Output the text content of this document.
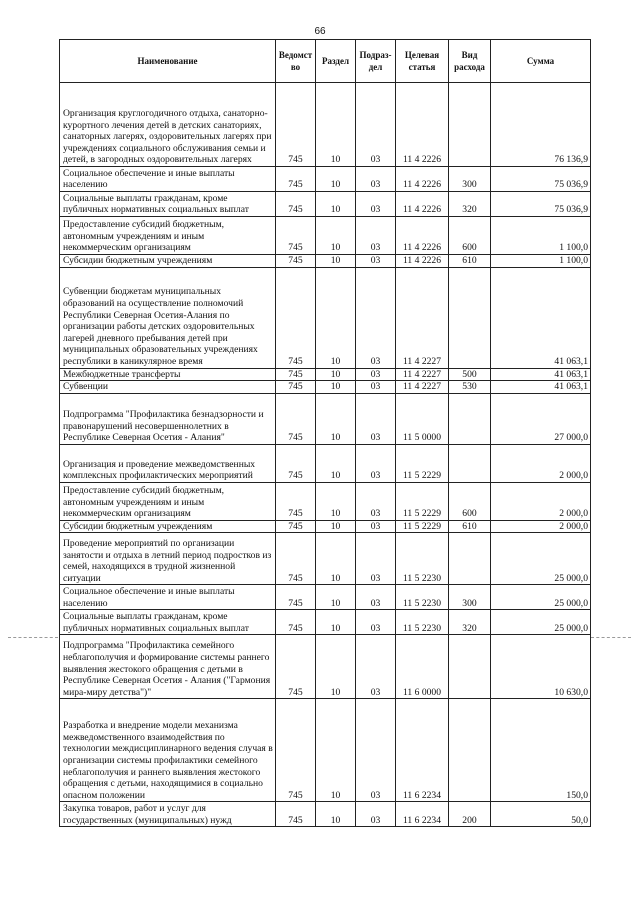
66
Наименование	Ведомст во	Раздел	Подраз- дел	Целевая статья	Вид расхода	Сумма
Организация круглогодичного отдыха, санаторно-курортного лечения детей в детских санаториях, санаторных лагерях, оздоровительных лагерях при учреждениях социального обслуживания семьи и детей, в загородных оздоровительных лагерях	745	10	03	11 4 2226		76 136,9
Социальное обеспечение и иные выплаты населению	745	10	03	11 4 2226	300	75 036,9
Социальные выплаты гражданам, кроме публичных нормативных социальных выплат	745	10	03	11 4 2226	320	75 036,9
Предоставление субсидий бюджетным, автономным учреждениям и иным некоммерческим организациям	745	10	03	11 4 2226	600	1 100,0
Субсидии бюджетным учреждениям	745	10	03	11 4 2226	610	1 100,0
Субвенции бюджетам муниципальных образований на осуществление полномочий Республики Северная Осетия-Алания по организации работы детских оздоровительных лагерей дневного пребывания детей при муниципальных образовательных учреждениях республики в каникулярное время	745	10	03	11 4 2227		41 063,1
Межбюджетные трансферты	745	10	03	11 4 2227	500	41 063,1
Субвенции	745	10	03	11 4 2227	530	41 063,1
Подпрограмма "Профилактика безнадзорности и правонарушений несовершеннолетних в Республике Северная Осетия - Алания"	745	10	03	11 5 0000		27 000,0
Организация и проведение межведомственных комплексных профилактических мероприятий	745	10	03	11 5 2229		2 000,0
Предоставление субсидий бюджетным, автономным учреждениям и иным некоммерческим организациям	745	10	03	11 5 2229	600	2 000,0
Субсидии бюджетным учреждениям	745	10	03	11 5 2229	610	2 000,0
Проведение мероприятий по организации занятости и отдыха в летний период подростков из семей, находящихся в трудной жизненной ситуации	745	10	03	11 5 2230		25 000,0
Социальное обеспечение и иные выплаты населению	745	10	03	11 5 2230	300	25 000,0
Социальные выплаты гражданам, кроме публичных нормативных социальных выплат	745	10	03	11 5 2230	320	25 000,0
Подпрограмма "Профилактика семейного неблагополучия и формирование системы раннего выявления жестокого обращения с детьми в Республике Северная Осетия - Алания ("Гармония мира-миру детства")"	745	10	03	11 6 0000		10 630,0
Разработка и внедрение модели механизма межведомственного взаимодействия по технологии междисциплинарного ведения случая в организации системы профилактики семейного неблагополучия и раннего выявления жестокого обращения с детьми, находящимися в социально опасном положении	745	10	03	11 6 2234		150,0
Закупка товаров, работ и услуг для государственных (муниципальных) нужд	745	10	03	11 6 2234	200	50,0
